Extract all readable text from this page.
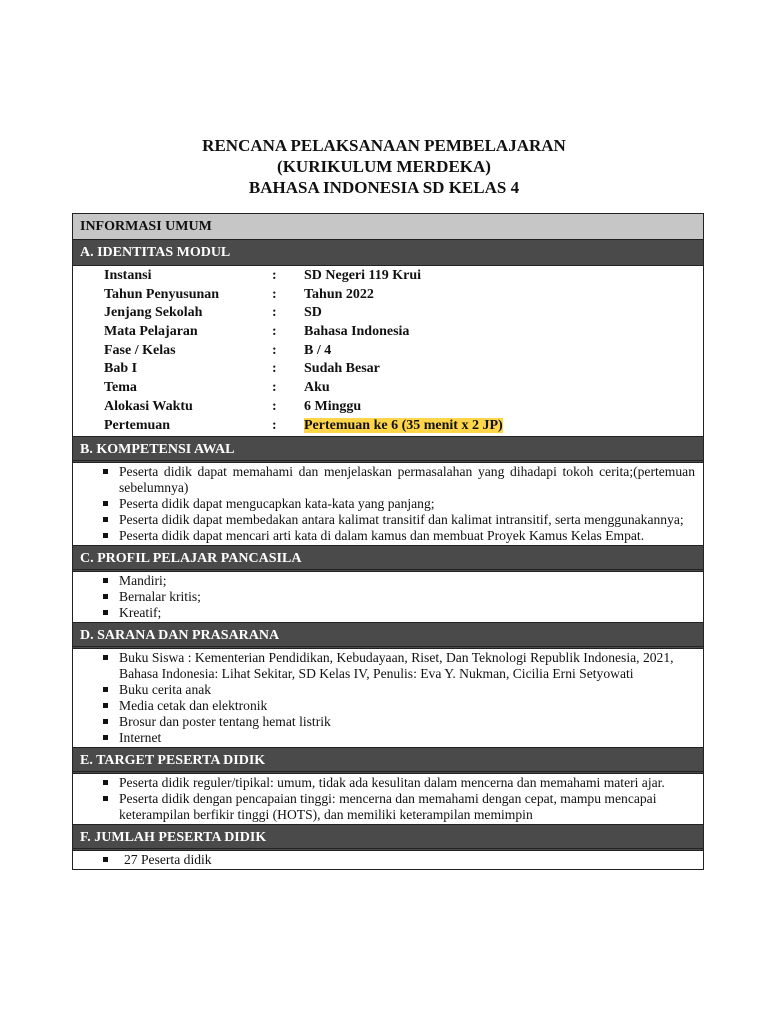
RENCANA PELAKSANAAN PEMBELAJARAN
(KURIKULUM MERDEKA)
BAHASA INDONESIA SD KELAS 4
INFORMASI UMUM
A. IDENTITAS MODUL
Instansi	:	SD Negeri 119 Krui
Tahun Penyusunan	:	Tahun 2022
Jenjang Sekolah	:	SD
Mata Pelajaran	:	Bahasa Indonesia
Fase / Kelas	:	B / 4
Bab I	:	Sudah Besar
Tema	:	Aku
Alokasi Waktu	:	6 Minggu
Pertemuan	:	Pertemuan ke 6 (35 menit x 2 JP)
B. KOMPETENSI AWAL
Peserta didik dapat memahami dan menjelaskan permasalahan yang dihadapi tokoh cerita;(pertemuan sebelumnya)
Peserta didik dapat mengucapkan kata-kata yang panjang;
Peserta didik dapat membedakan antara kalimat transitif dan kalimat intransitif, serta menggunakannya;
Peserta didik dapat mencari arti kata di dalam kamus dan membuat Proyek Kamus Kelas Empat.
C. PROFIL PELAJAR PANCASILA
Mandiri;
Bernalar kritis;
Kreatif;
D. SARANA DAN PRASARANA
Buku Siswa : Kementerian Pendidikan, Kebudayaan, Riset, Dan Teknologi Republik Indonesia, 2021, Bahasa Indonesia: Lihat Sekitar, SD Kelas IV, Penulis: Eva Y. Nukman, Cicilia Erni Setyowati
Buku cerita anak
Media cetak dan elektronik
Brosur dan poster tentang hemat listrik
Internet
E. TARGET PESERTA DIDIK
Peserta didik reguler/tipikal: umum, tidak ada kesulitan dalam mencerna dan memahami materi ajar.
Peserta didik dengan pencapaian tinggi: mencerna dan memahami dengan cepat, mampu mencapai keterampilan berfikir tinggi (HOTS), dan memiliki keterampilan memimpin
F. JUMLAH PESERTA DIDIK
27 Peserta didik
